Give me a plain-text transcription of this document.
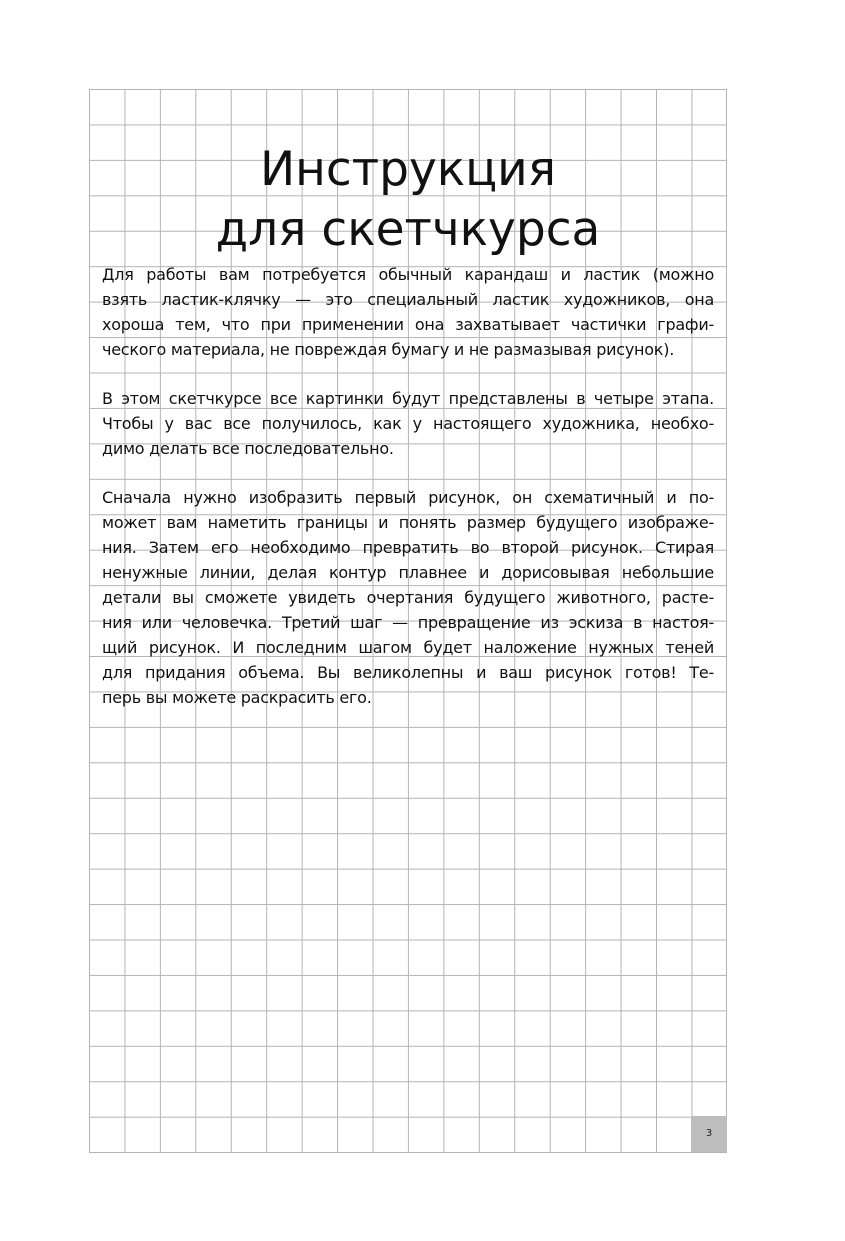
Инструкция
для скетчкурса
Для работы вам потребуется обычный карандаш и ластик (можно
взять ластик-клячку — это специальный ластик художников, она
хороша тем, что при применении она захватывает частички графи-
ческого материала, не повреждая бумагу и не размазывая рисунок).
В этом скетчкурсе все картинки будут представлены в четыре этапа.
Чтобы у вас все получилось, как у настоящего художника, необхо-
димо делать все последовательно.
Сначала нужно изобразить первый рисунок, он схематичный и по-
может вам наметить границы и понять размер будущего изображе-
ния. Затем его необходимо превратить во второй рисунок. Стирая
ненужные линии, делая контур плавнее и дорисовывая небольшие
детали вы сможете увидеть очертания будущего животного, расте-
ния или человечка. Третий шаг — превращение из эскиза в настоя-
щий рисунок. И последним шагом будет наложение нужных теней
для придания объема. Вы великолепны и ваш рисунок готов! Те-
перь вы можете раскрасить его.
3
